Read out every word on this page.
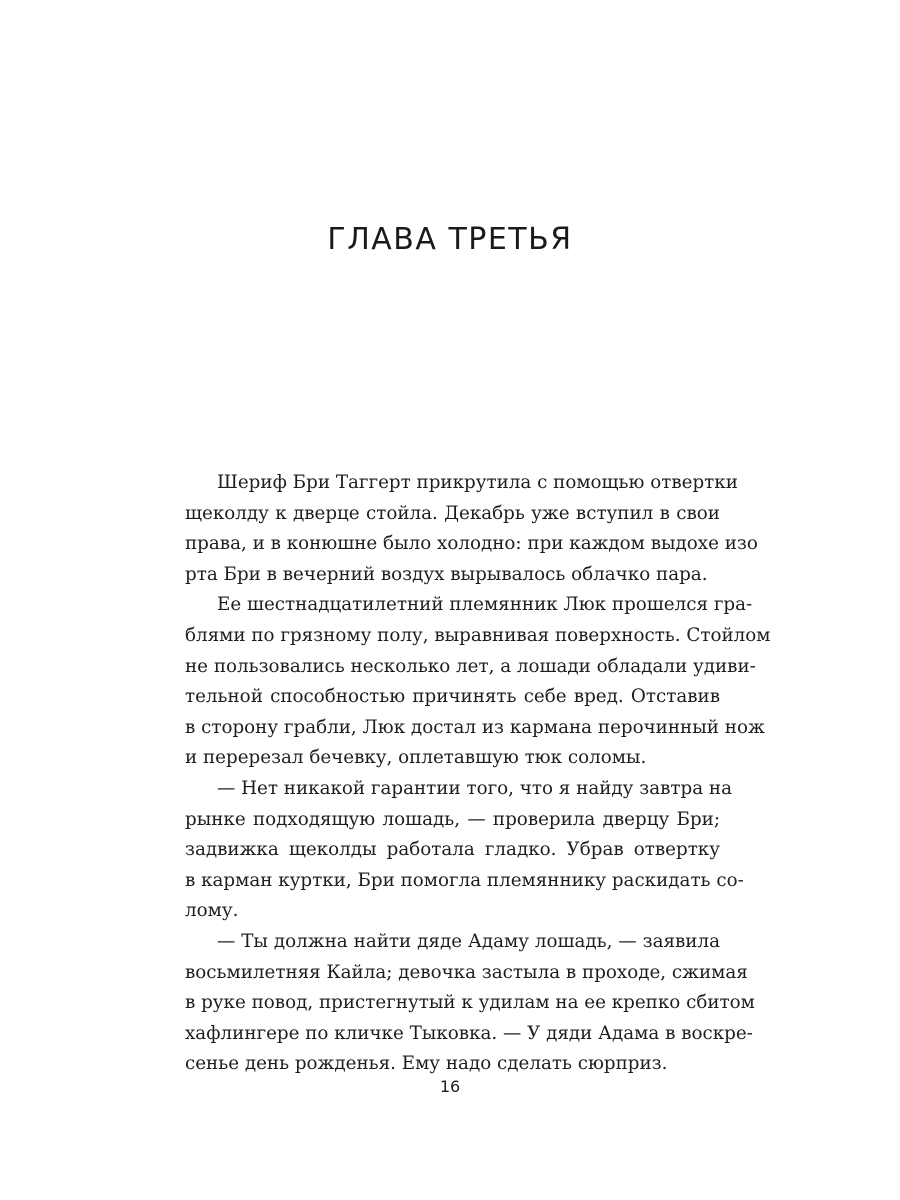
ГЛАВА ТРЕТЬЯ
Шериф Бри Таггерт прикрутила с помощью отвертки
щеколду к дверце стойла. Декабрь уже вступил в свои
права, и в конюшне было холодно: при каждом выдохе изо
рта Бри в вечерний воздух вырывалось облачко пара.
Ее шестнадцатилетний племянник Люк прошелся гра-
блями по грязному полу, выравнивая поверхность. Стойлом
не пользовались несколько лет, а лошади обладали удиви-
тельной способностью причинять себе вред. Отставив
в сторону грабли, Люк достал из кармана перочинный нож
и перерезал бечевку, оплетавшую тюк соломы.
— Нет никакой гарантии того, что я найду завтра на
рынке подходящую лошадь, — проверила дверцу Бри;
задвижка щеколды работала гладко. Убрав отвертку
в карман куртки, Бри помогла племяннику раскидать со-
лому.
— Ты должна найти дяде Адаму лошадь, — заявила
восьмилетняя Кайла; девочка застыла в проходе, сжимая
в руке повод, пристегнутый к удилам на ее крепко сбитом
хафлингере по кличке Тыковка. — У дяди Адама в воскре-
сенье день рожденья. Ему надо сделать сюрприз.
16
